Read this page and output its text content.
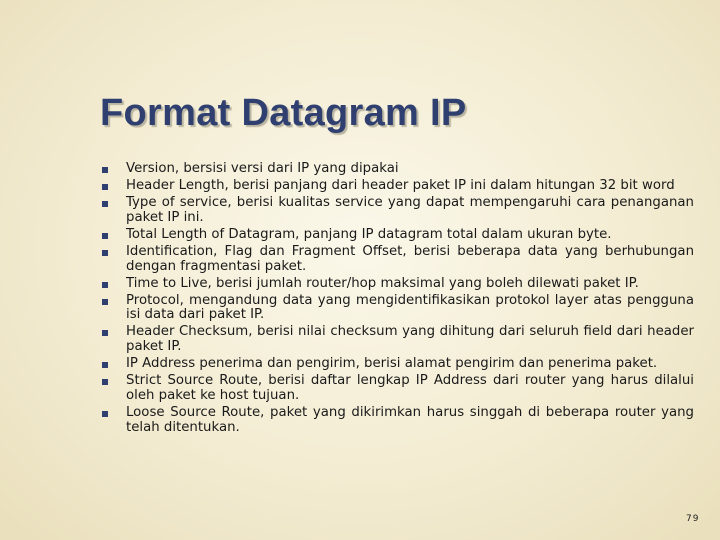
Format Datagram IP
Version, bersisi versi dari IP yang dipakai
Header Length, berisi panjang dari header paket IP ini dalam hitungan 32 bit word
Type of service, berisi kualitas service yang dapat mempengaruhi cara penanganan paket IP ini.
Total Length of Datagram, panjang IP datagram total dalam ukuran byte.
Identification, Flag dan Fragment Offset, berisi beberapa data yang berhubungan dengan fragmentasi paket.
Time to Live, berisi jumlah router/hop maksimal yang boleh dilewati paket IP.
Protocol, mengandung data yang mengidentifikasikan protokol layer atas pengguna isi data dari paket IP.
Header Checksum, berisi nilai checksum yang dihitung dari seluruh field dari header paket IP.
IP Address penerima dan pengirim, berisi alamat pengirim dan penerima paket.
Strict Source Route, berisi daftar lengkap IP Address dari router yang harus dilalui oleh paket ke host tujuan.
Loose Source Route, paket yang dikirimkan harus singgah di beberapa router yang telah ditentukan.
79
